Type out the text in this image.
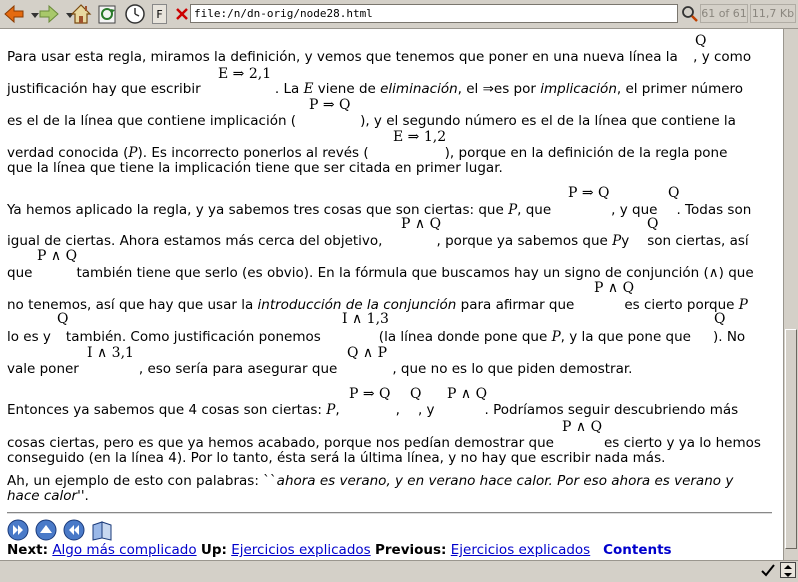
F	file:/n/dn-orig/node28.html	61 of 61 11,7 Kb
Q
Para usar esta regla, miramos la definición, y vemos que tenemos que poner en una nueva línea la , y como
E ⇒ 2,1
justificación hay que escribir	. La E viene de eliminación, el ⇒es por implicación, el primer número
P ⇒ Q
es el de la línea que contiene implicación (	), y el segundo número es el de la línea que contiene la
E ⇒ 1,2
verdad conocida (P). Es incorrecto ponerlos al revés (	), porque en la definición de la regla pone
que la línea que tiene la implicación tiene que ser citada en primer lugar.
P ⇒ Q	Q
Ya hemos aplicado la regla, y ya sabemos tres cosas que son ciertas: que P, que	, y que . Todas son
P ∧ Q	Q
igual de ciertas. Ahora estamos más cerca del objetivo,	, porque ya sabemos que Py son ciertas, así
P ∧ Q
que	también tiene que serlo (es obvio). En la fórmula que buscamos hay un signo de conjunción (∧) que
P ∧ Q
no tenemos, así que hay que usar la introducción de la conjunción para afirmar que	es cierto porque P
Q	I ∧ 1,3	Q
lo es y también. Como justificación ponemos	(la línea donde pone que P, y la que pone que ). No
I ∧ 3,1	Q ∧ P
vale poner	, eso sería para asegurar que	, que no es lo que piden demostrar.
P ⇒ Q Q P ∧ Q
Entonces ya sabemos que 4 cosas son ciertas: P,	, , y	. Podríamos seguir descubriendo más
P ∧ Q
cosas ciertas, pero es que ya hemos acabado, porque nos pedían demostrar que	es cierto y ya lo hemos
conseguido (en la línea 4). Por lo tanto, ésta será la última línea, y no hay que escribir nada más.
Ah, un ejemplo de esto con palabras: ``ahora es verano, y en verano hace calor. Por eso ahora es verano y
hace calor''.
Next: Algo más complicado Up: Ejercicios explicados Previous: Ejercicios explicados Contents
